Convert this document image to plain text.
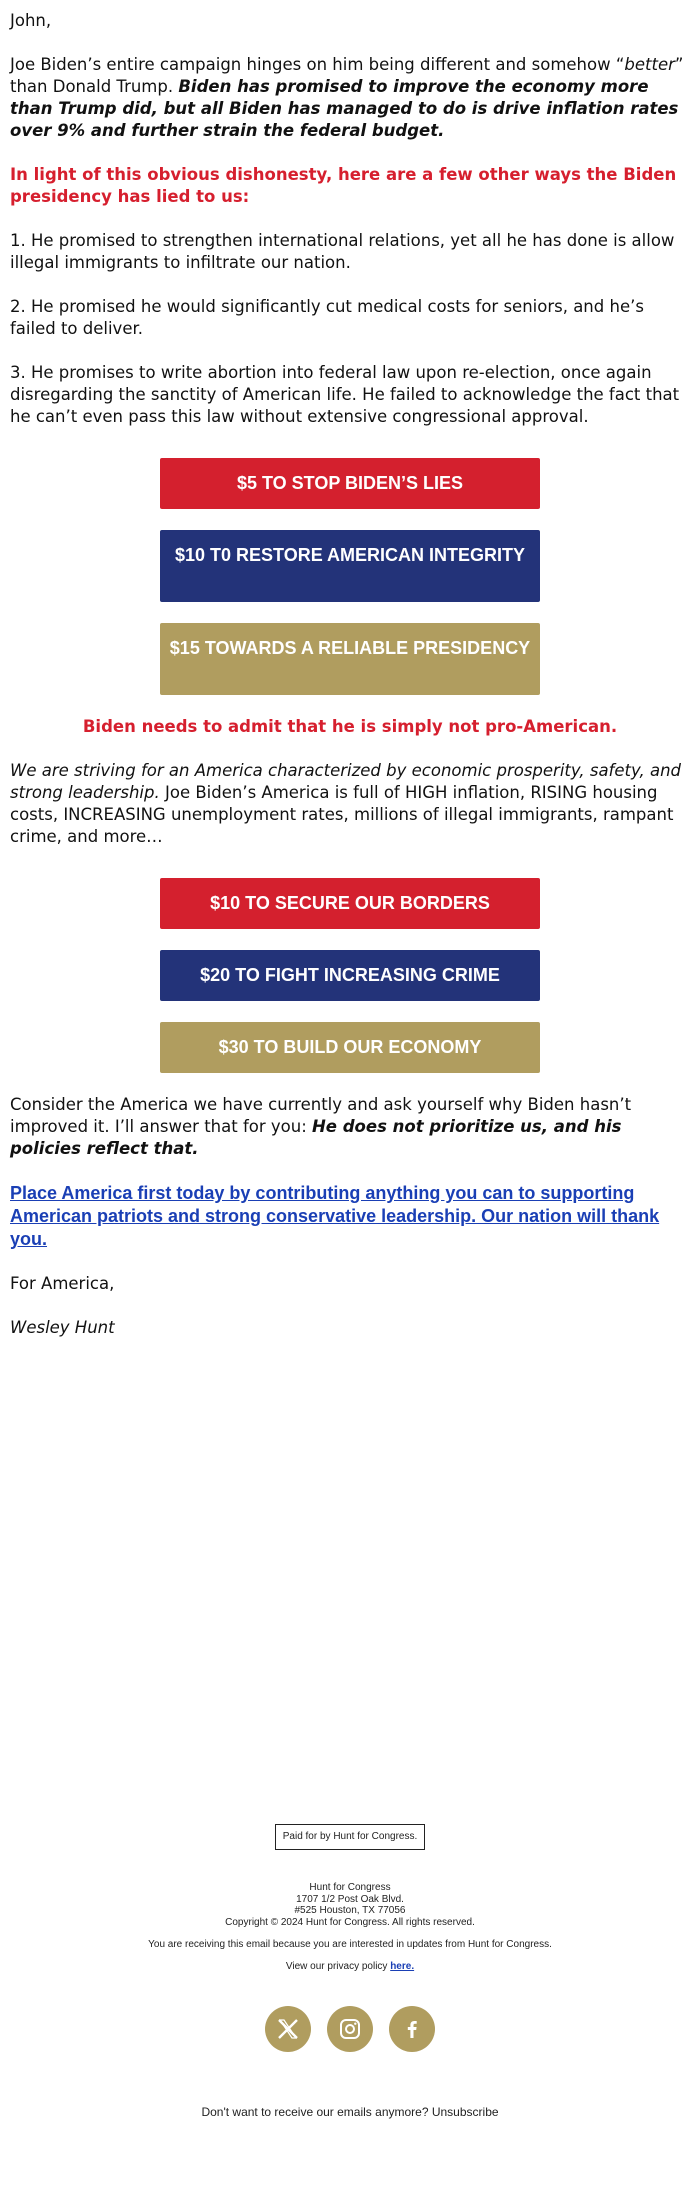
John,

Joe Biden’s entire campaign hinges on him being different and somehow “better” than Donald Trump. Biden has promised to improve the economy more than Trump did, but all Biden has managed to do is drive inflation rates over 9% and further strain the federal budget.

In light of this obvious dishonesty, here are a few other ways the Biden presidency has lied to us:

1. He promised to strengthen international relations, yet all he has done is allow illegal immigrants to infiltrate our nation.

2. He promised he would significantly cut medical costs for seniors, and he’s failed to deliver.

3. He promises to write abortion into federal law upon re-election, once again disregarding the sanctity of American life. He failed to acknowledge the fact that he can’t even pass this law without extensive congressional approval.

$5 TO STOP BIDEN’S LIES
$10 T0 RESTORE AMERICAN INTEGRITY
$15 TOWARDS A RELIABLE PRESIDENCY

Biden needs to admit that he is simply not pro-American.

We are striving for an America characterized by economic prosperity, safety, and strong leadership. Joe Biden’s America is full of HIGH inflation, RISING housing costs, INCREASING unemployment rates, millions of illegal immigrants, rampant crime, and more…

$10 TO SECURE OUR BORDERS
$20 TO FIGHT INCREASING CRIME
$30 TO BUILD OUR ECONOMY

Consider the America we have currently and ask yourself why Biden hasn’t improved it. I’ll answer that for you: He does not prioritize us, and his policies reflect that.

Place America first today by contributing anything you can to supporting American patriots and strong conservative leadership. Our nation will thank you.

For America,

Wesley Hunt

Paid for by Hunt for Congress.
Hunt for Congress
1707 1/2 Post Oak Blvd.
#525 Houston, TX 77056
Copyright © 2024 Hunt for Congress. All rights reserved.
You are receiving this email because you are interested in updates from Hunt for Congress.
View our privacy policy here.

Don't want to receive our emails anymore? Unsubscribe
